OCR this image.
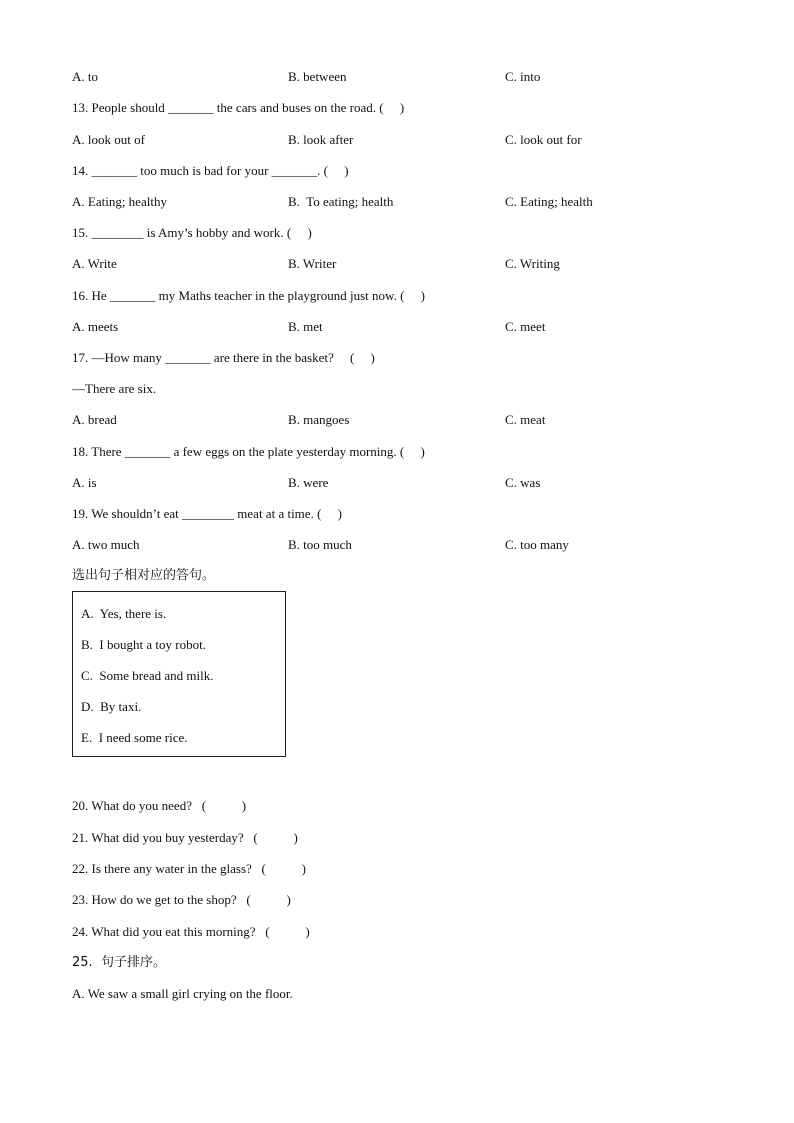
A. to	B. between	C. into
13. People should _______ the cars and buses on the road. (     )
A. look out of	B. look after	C. look out for
14. _______ too much is bad for your _______. (     )
A. Eating; healthy	B.  To eating; health	C. Eating; health
15. ________ is Amy’s hobby and work. (     )
A. Write	B. Writer	C. Writing
16. He _______ my Maths teacher in the playground just now. (     )
A. meets	B. met	C. meet
17. —How many _______ are there in the basket?     (     )
—There are six.
A. bread	B. mangoes	C. meat
18. There _______ a few eggs on the plate yesterday morning. (     )
A. is	B. were	C. was
19. We shouldn’t eat ________ meat at a time. (     )
A. two much	B. too much	C. too many
选出句子相对应的答句。
A.  Yes, there is.
B.  I bought a toy robot.
C.  Some bread and milk.
D.  By taxi.
E.  I need some rice.
20. What do you need?   (           )
21. What did you buy yesterday?   (           )
22. Is there any water in the glass?   (           )
23. How do we get to the shop?   (           )
24. What did you eat this morning?   (           )
25.  句子排序。
A. We saw a small girl crying on the floor.
